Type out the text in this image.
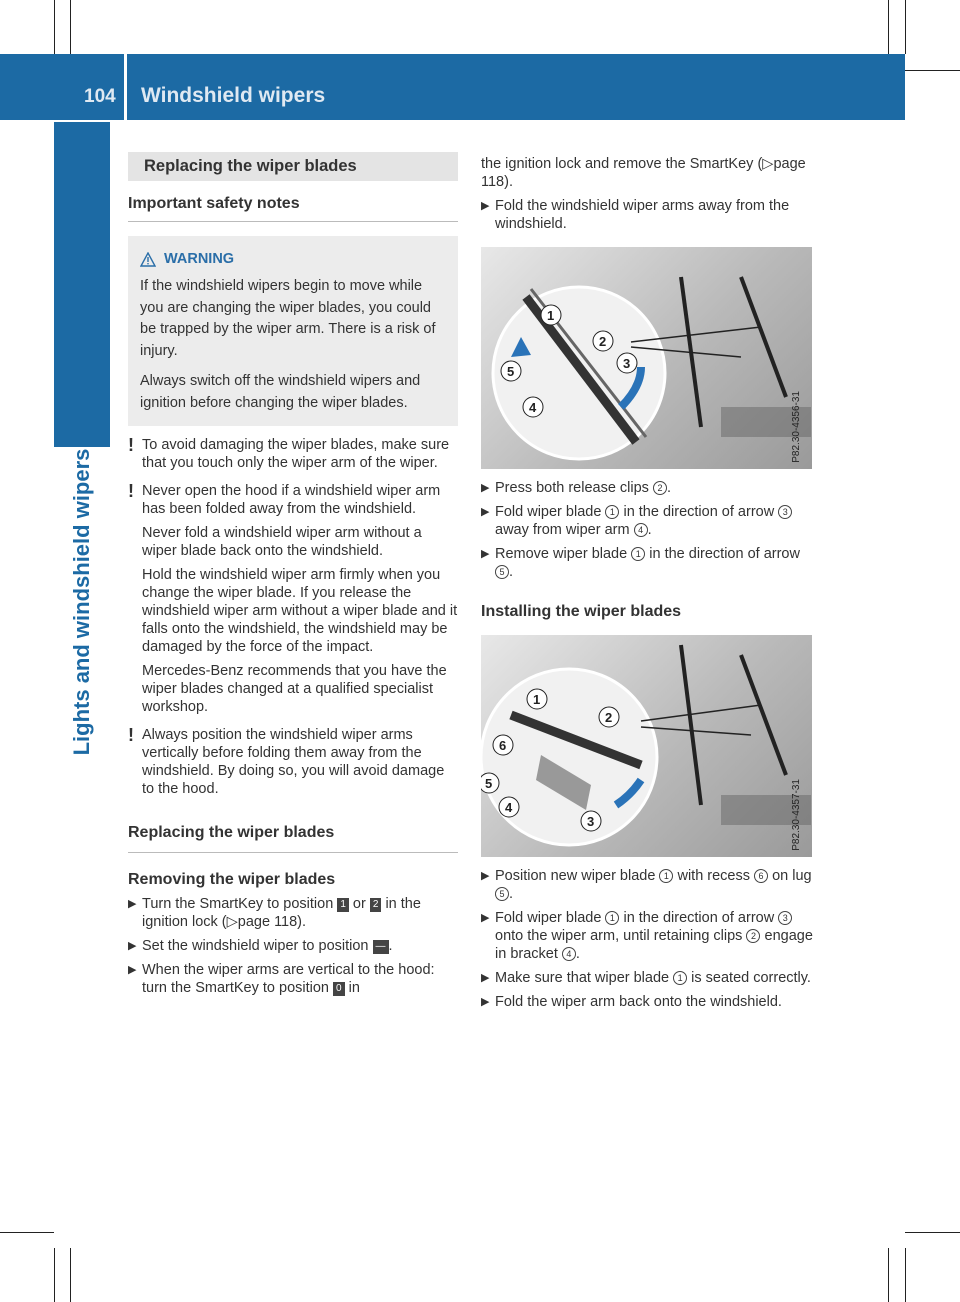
104 Windshield wipers
Lights and windshield wipers
Replacing the wiper blades
Important safety notes
WARNING

If the windshield wipers begin to move while you are changing the wiper blades, you could be trapped by the wiper arm. There is a risk of injury.

Always switch off the windshield wipers and ignition before changing the wiper blades.

! To avoid damaging the wiper blades, make sure that you touch only the wiper arm of the wiper.

! Never open the hood if a windshield wiper arm has been folded away from the windshield.

Never fold a windshield wiper arm without a wiper blade back onto the windshield.

Hold the windshield wiper arm firmly when you change the wiper blade. If you release the windshield wiper arm without a wiper blade and it falls onto the windshield, the windshield may be damaged by the force of the impact.

Mercedes-Benz recommends that you have the wiper blades changed at a qualified specialist workshop.

! Always position the windshield wiper arms vertically before folding them away from the windshield. By doing so, you will avoid damage to the hood.

Replacing the wiper blades
Removing the wiper blades
▶ Turn the SmartKey to position 1 or 2 in the ignition lock (▷page 118).
▶ Set the windshield wiper to position — .
▶ When the wiper arms are vertical to the hood: turn the SmartKey to position 0 in

the ignition lock and remove the SmartKey (▷page 118).

▶ Fold the windshield wiper arms away from the windshield.
1
2
3
4
5
P82.30-4356-31
▶ Press both release clips 2 .
▶ Fold wiper blade 1 in the direction of arrow 3 away from wiper arm 4 .
▶ Remove wiper blade 1 in the direction of arrow 5 .
Installing the wiper blades
1
2
3
4
5
6
P82.30-4357-31
▶ Position new wiper blade 1 with recess 6 on lug 5 .
▶ Fold wiper blade 1 in the direction of arrow 3 onto the wiper arm, until retaining clips 2 engage in bracket 4 .
▶ Make sure that wiper blade 1 is seated correctly.
▶ Fold the wiper arm back onto the windshield.
